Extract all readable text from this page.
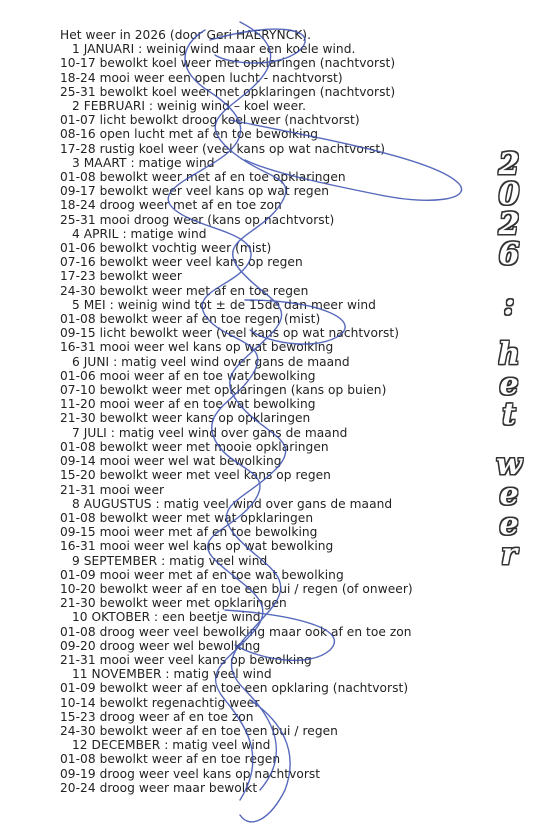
Het weer in 2026 (door Geri HAERYNCK).
1 JANUARI : weinig wind maar een koele wind.
10-17 bewolkt koel weer met opklaringen (nachtvorst)
18-24 mooi weer een open lucht - nachtvorst)
25-31 bewolkt koel weer met opklaringen (nachtvorst)
2 FEBRUARI : weinig wind – koel weer.
01-07 licht bewolkt droog koel weer (nachtvorst)
08-16 open lucht met af en toe bewolking
17-28 rustig koel weer (veel kans op wat nachtvorst)
3 MAART : matige wind
01-08 bewolkt weer met af en toe opklaringen
09-17 bewolkt weer veel kans op wat regen
18-24 droog weer met af en toe zon
25-31 mooi droog weer (kans op nachtvorst)
4 APRIL : matige wind
01-06 bewolkt vochtig weer (mist)
07-16 bewolkt weer veel kans op regen
17-23 bewolkt weer
24-30 bewolkt weer met af en toe regen
5 MEI : weinig wind tot ± de 15de dan meer wind
01-08 bewolkt weer af en toe regen (mist)
09-15 licht bewolkt weer (veel kans op wat nachtvorst)
16-31 mooi weer wel kans op wat bewolking
6 JUNI : matig veel wind over gans de maand
01-06 mooi weer af en toe wat bewolking
07-10 bewolkt weer met opklaringen (kans op buien)
11-20 mooi weer af en toe wat bewolking
21-30 bewolkt weer kans op opklaringen
7 JULI : matig veel wind over gans de maand
01-08 bewolkt weer met mooie opklaringen
09-14 mooi weer wel wat bewolking
15-20 bewolkt weer met veel kans op regen
21-31 mooi weer
8 AUGUSTUS : matig veel wind over gans de maand
01-08 bewolkt weer met wat opklaringen
09-15 mooi weer met af en toe bewolking
16-31 mooi weer wel kans op wat bewolking
9 SEPTEMBER : matig veel wind
01-09 mooi weer met af en toe wat bewolking
10-20 bewolkt weer af en toe een bui / regen (of onweer)
21-30 bewolkt weer met opklaringen
10 OKTOBER : een beetje wind
01-08 droog weer veel bewolking maar ook af en toe zon
09-20 droog weer wel bewolking
21-31 mooi weer veel kans op bewolking
11 NOVEMBER : matig veel wind
01-09 bewolkt weer af en toe een opklaring (nachtvorst)
10-14 bewolkt regenachtig weer
15-23 droog weer af en toe zon
24-30 bewolkt weer af en toe een bui / regen
12 DECEMBER : matig veel wind
01-08 bewolkt weer af en toe regen
09-19 droog weer veel kans op nachtvorst
20-24 droog weer maar bewolkt
2
0
2
6
:
h
e
t
w
e
e
r
